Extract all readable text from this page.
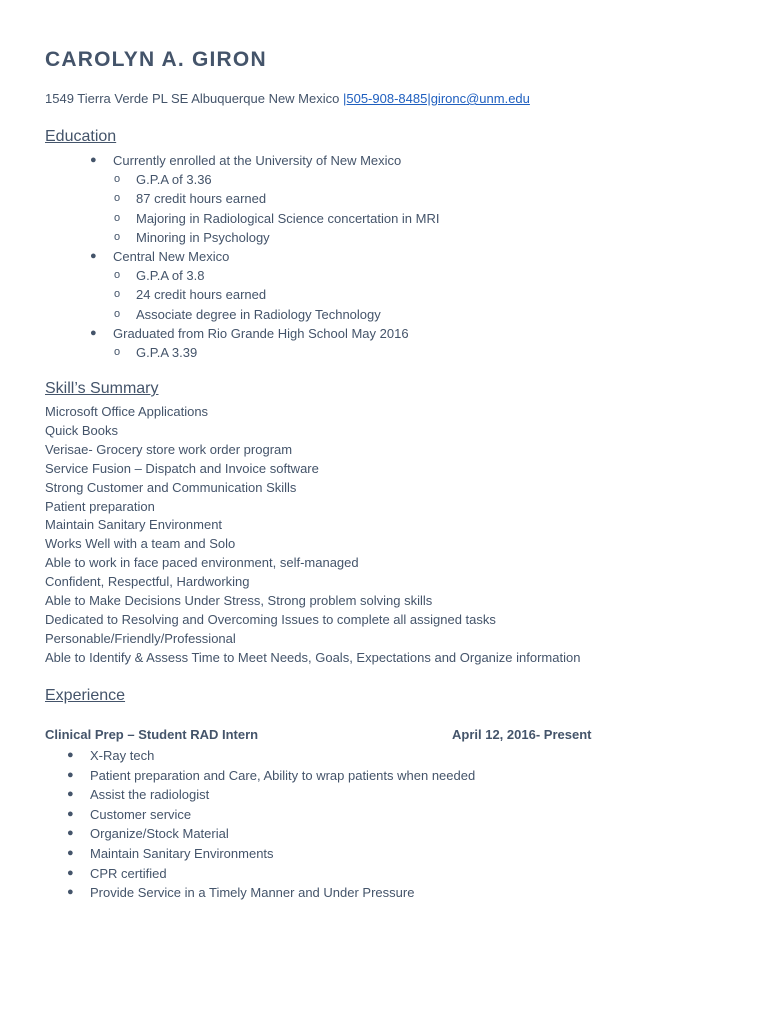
CAROLYN A. GIRON
1549 Tierra Verde PL SE Albuquerque New Mexico |505-908-8485|gironc@unm.edu
Education
● Currently enrolled at the University of New Mexico
o G.P.A of 3.36
o 87 credit hours earned
o Majoring in Radiological Science concertation in MRI
o Minoring in Psychology
● Central New Mexico
o G.P.A of 3.8
o 24 credit hours earned
o Associate degree in Radiology Technology
● Graduated from Rio Grande High School May 2016
o G.P.A 3.39
Skill’s Summary
Microsoft Office Applications
Quick Books
Verisae- Grocery store work order program
Service Fusion – Dispatch and Invoice software
Strong Customer and Communication Skills
Patient preparation
Maintain Sanitary Environment
Works Well with a team and Solo
Able to work in face paced environment, self-managed
Confident, Respectful, Hardworking
Able to Make Decisions Under Stress, Strong problem solving skills
Dedicated to Resolving and Overcoming Issues to complete all assigned tasks
Personable/Friendly/Professional
Able to Identify & Assess Time to Meet Needs, Goals, Expectations and Organize information
Experience
Clinical Prep – Student RAD Intern	April 12, 2016- Present
● X-Ray tech
● Patient preparation and Care, Ability to wrap patients when needed
● Assist the radiologist
● Customer service
● Organize/Stock Material
● Maintain Sanitary Environments
● CPR certified
● Provide Service in a Timely Manner and Under Pressure
